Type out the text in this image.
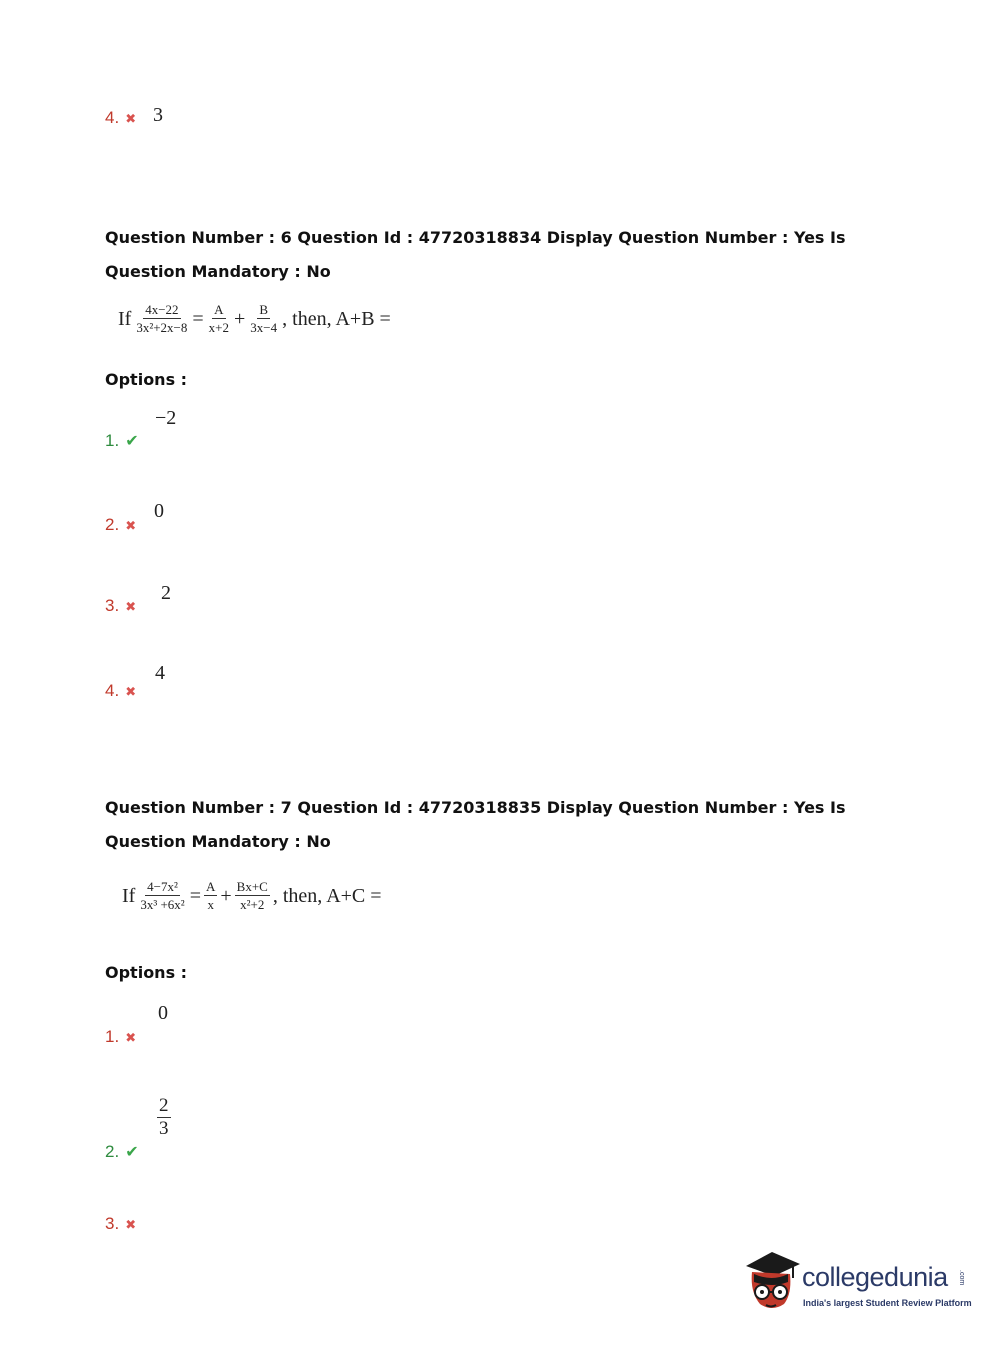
4. ✖ 3
Question Number : 6 Question Id : 47720318834 Display Question Number : Yes Is Question Mandatory : No
If $\frac{4x-22}{\text{3x²+2x−8}} = \frac{A}{x+2} + \frac{B}{3x-4}$ , then, A+B =
Options :
1. ✔
−2
2. ✖
0
3. ✖
2
4. ✖
4
Question Number : 7 Question Id : 47720318835 Display Question Number : Yes Is Question Mandatory : No
If $\frac{\text{4−7x²}}{\text{3x³ +6x²}} = \frac{A}{x} + \frac{Bx+C}{\text{x²+2}}$ , then, A+C =
Options :
1. ✖
0
2. ✔
$\frac{2}{3}$
3. ✖
collegedunia .com
India's largest Student Review Platform
